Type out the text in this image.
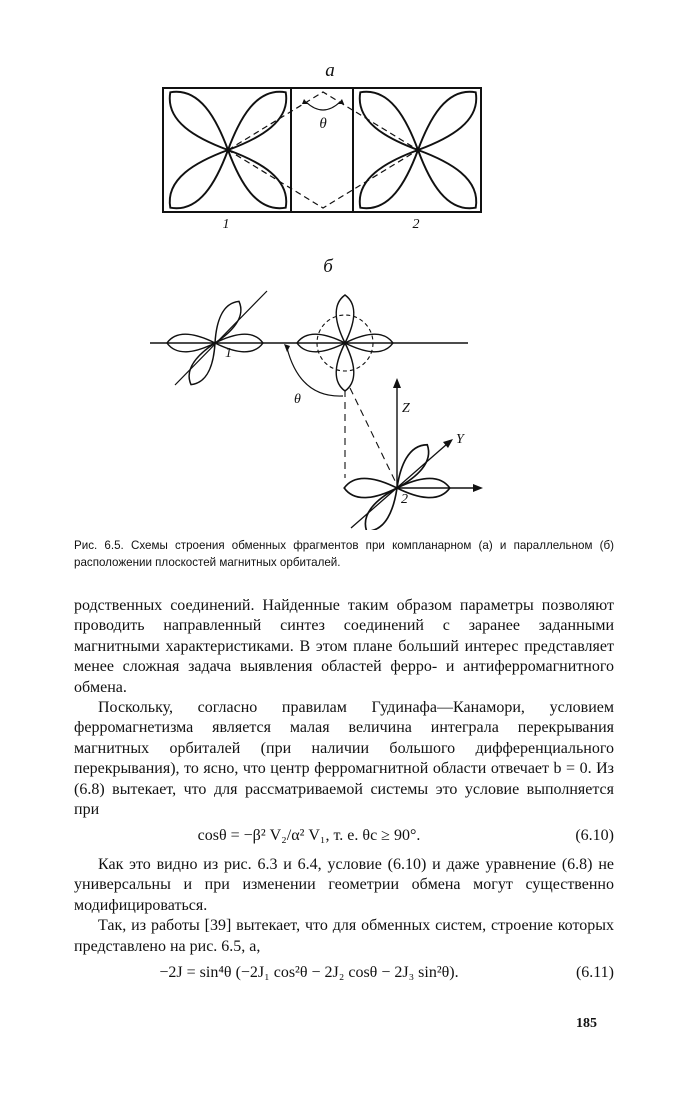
а
θ
1	2
б
1
θ
Z
Y
2
Рис. 6.5. Схемы строения обменных фрагментов при компланарном (а) и параллельном (б) расположении плоскостей магнитных орбиталей.

родственных соединений. Найденные таким образом параметры позволяют проводить направленный синтез соединений с заранее заданными магнитными характеристиками. В этом плане больший интерес представляет менее сложная задача выявления областей ферро- и антиферромагнитного обмена.

Поскольку, согласно правилам Гудинафа—Канамори, условием ферромагнетизма является малая величина интеграла перекрывания магнитных орбиталей (при наличии большого дифференциального перекрывания), то ясно, что центр ферромагнитной области отвечает b = 0. Из (6.8) вытекает, что для рассматриваемой системы это условие выполняется при

cosθ = −β² V₂/α² V₁, т. е. θc ≥ 90°.	(6.10)

Как это видно из рис. 6.3 и 6.4, условие (6.10) и даже уравнение (6.8) не универсальны и при изменении геометрии обмена могут существенно модифицироваться.

Так, из работы [39] вытекает, что для обменных систем, строение которых представлено на рис. 6.5, а,

−2J = sin⁴θ (−2J₁ cos²θ − 2J₂ cosθ − 2J₃ sin²θ).	(6.11)
185
